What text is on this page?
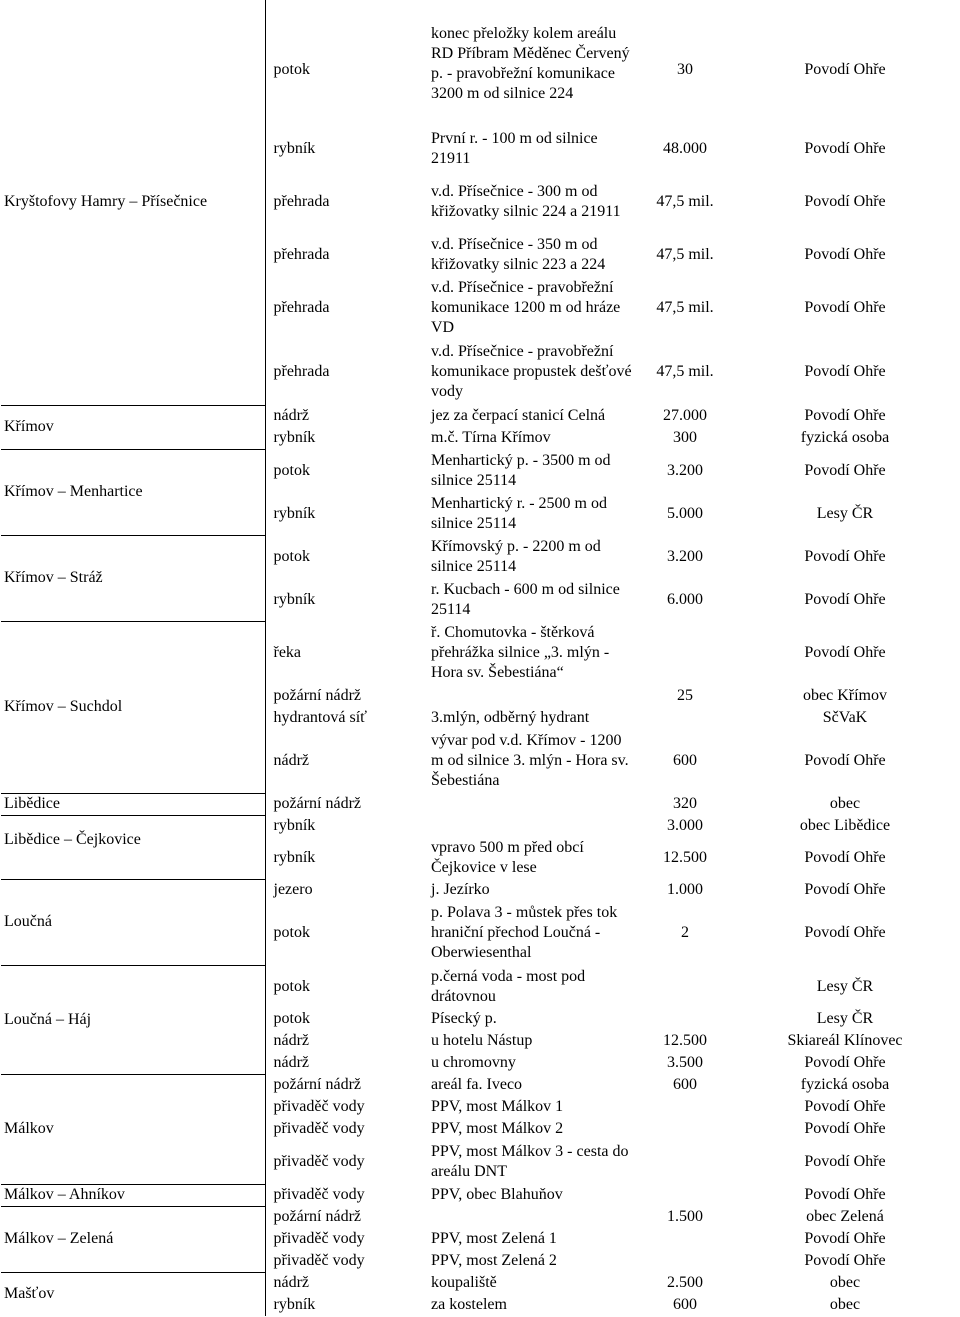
Kryštofovy Hamry – Přísečnice	potok	konec přeložky kolem areálu RD Příbram Měděnec Červený p. - pravobřežní komunikace 3200 m od silnice 224	30	Povodí Ohře
	rybník	První r. - 100 m od silnice 21911	48.000	Povodí Ohře
	přehrada	v.d. Přísečnice - 300 m od křižovatky silnic 224 a 21911	47,5 mil.	Povodí Ohře
	přehrada	v.d. Přísečnice - 350 m od křižovatky silnic 223 a 224	47,5 mil.	Povodí Ohře
	přehrada	v.d. Přísečnice - pravobřežní komunikace 1200 m od hráze VD	47,5 mil.	Povodí Ohře
	přehrada	v.d. Přísečnice - pravobřežní komunikace propustek dešťové vody	47,5 mil.	Povodí Ohře
Křímov	nádrž	jez za čerpací stanicí Celná	27.000	Povodí Ohře
	rybník	m.č. Tírna Křímov	300	fyzická osoba
Křímov – Menhartice	potok	Menhartický p. - 3500 m od silnice 25114	3.200	Povodí Ohře
	rybník	Menhartický r. - 2500 m od silnice 25114	5.000	Lesy ČR
Křímov – Stráž	potok	Křímovský p. - 2200 m od silnice 25114	3.200	Povodí Ohře
	rybník	r. Kucbach - 600 m od silnice 25114	6.000	Povodí Ohře
Křímov – Suchdol	řeka	ř. Chomutovka - štěrková přehrážka silnice „3. mlýn - Hora sv. Šebestiána“		Povodí Ohře
	požární nádrž		25	obec Křímov
	hydrantová síť	3.mlýn, odběrný hydrant		SčVaK
	nádrž	vývar pod v.d. Křímov - 1200 m od silnice 3. mlýn - Hora sv. Šebestiána	600	Povodí Ohře
Libědice	požární nádrž		320	obec
Libědice – Čejkovice	rybník		3.000	obec Libědice
	rybník	vpravo 500 m před obcí Čejkovice v lese	12.500	Povodí Ohře
Loučná	jezero	j. Jezírko	1.000	Povodí Ohře
	potok	p. Polava 3 - můstek přes tok hraniční přechod Loučná - Oberwiesenthal	2	Povodí Ohře
Loučná – Háj	potok	p.černá voda - most pod drátovnou		Lesy ČR
	potok	Písecký p.		Lesy ČR
	nádrž	u hotelu Nástup	12.500	Skiareál Klínovec
	nádrž	u chromovny	3.500	Povodí Ohře
Málkov	požární nádrž	areál fa. Iveco	600	fyzická osoba
	přivaděč vody	PPV, most Málkov 1		Povodí Ohře
	přivaděč vody	PPV, most Málkov 2		Povodí Ohře
	přivaděč vody	PPV, most Málkov 3 - cesta do areálu DNT		Povodí Ohře
Málkov – Ahníkov	přivaděč vody	PPV, obec Blahuňov		Povodí Ohře
Málkov – Zelená	požární nádrž		1.500	obec Zelená
	přivaděč vody	PPV, most Zelená 1		Povodí Ohře
	přivaděč vody	PPV, most Zelená 2		Povodí Ohře
Mašťov	nádrž	koupaliště	2.500	obec
	rybník	za kostelem	600	obec
